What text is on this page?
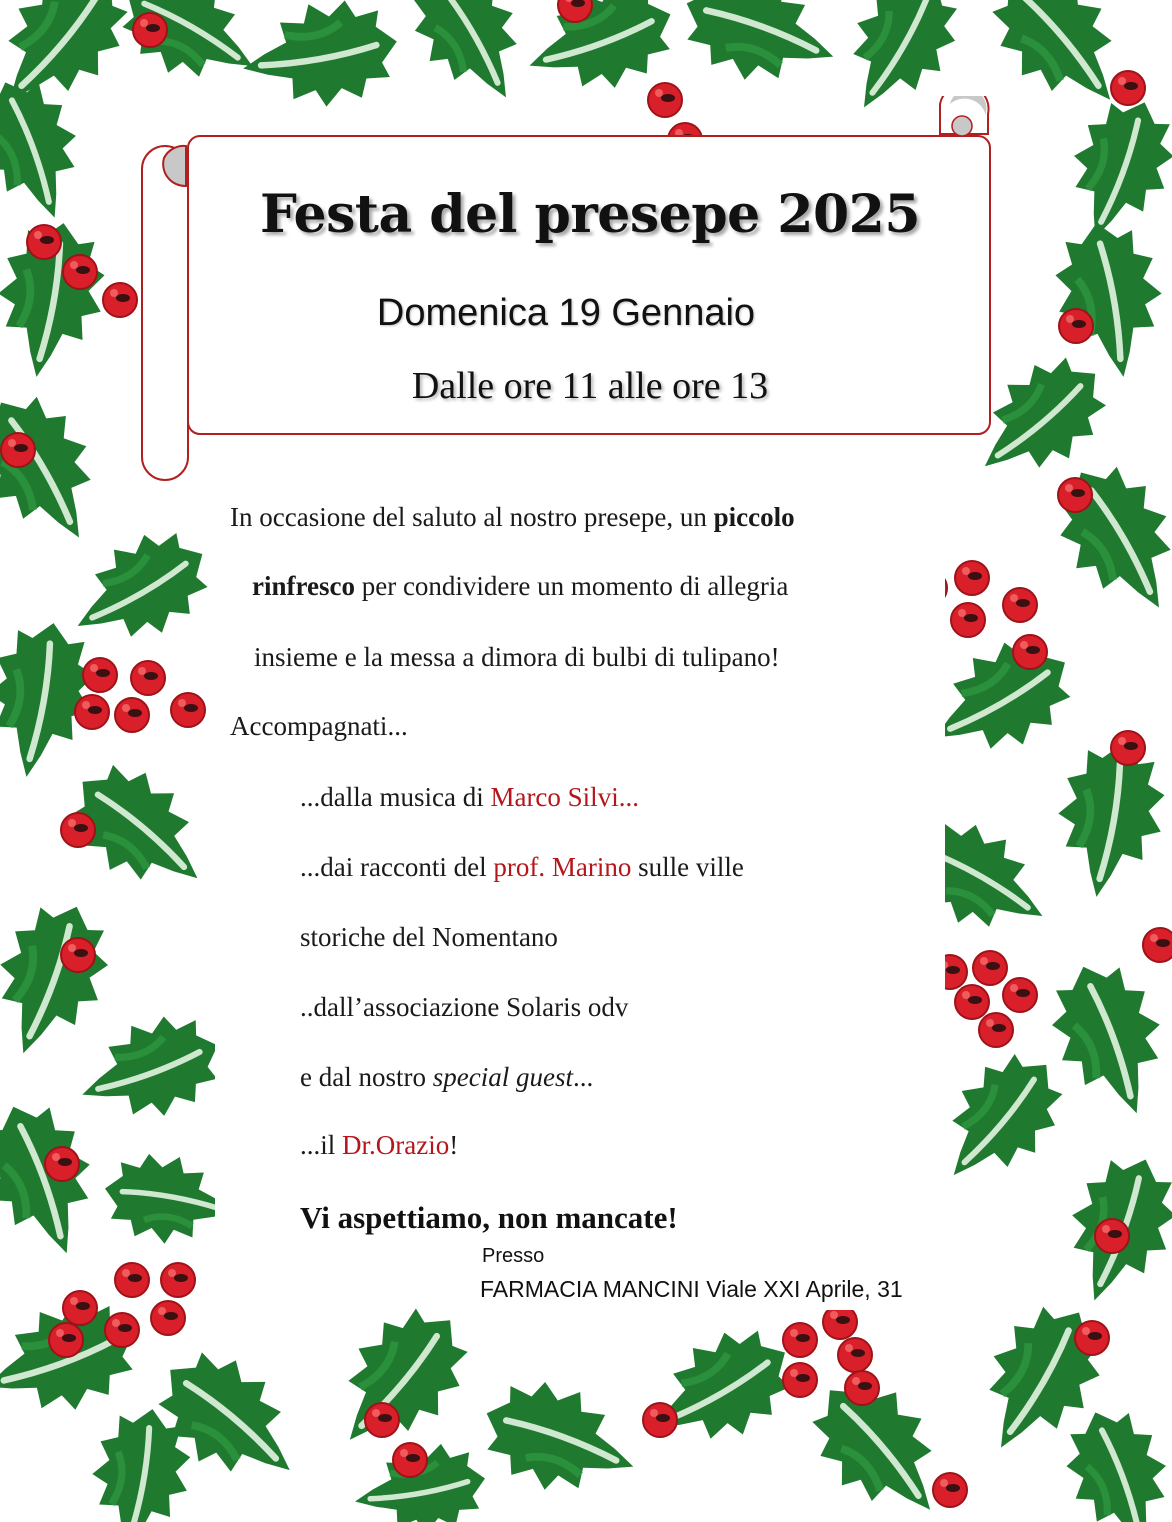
Festa del presepe 2025
Domenica 19 Gennaio
Dalle ore 11 alle ore 13
In occasione del saluto al nostro presepe, un piccolo
rinfresco per condividere un momento di allegria
insieme e la messa a dimora di bulbi di tulipano!
Accompagnati...
...dalla musica di Marco Silvi...
...dai racconti del prof. Marino sulle ville
storiche del Nomentano
..dall’associazione Solaris odv
e dal nostro special guest...
...il Dr.Orazio!
Vi aspettiamo, non mancate!
Presso
FARMACIA MANCINI Viale XXI Aprile, 31
